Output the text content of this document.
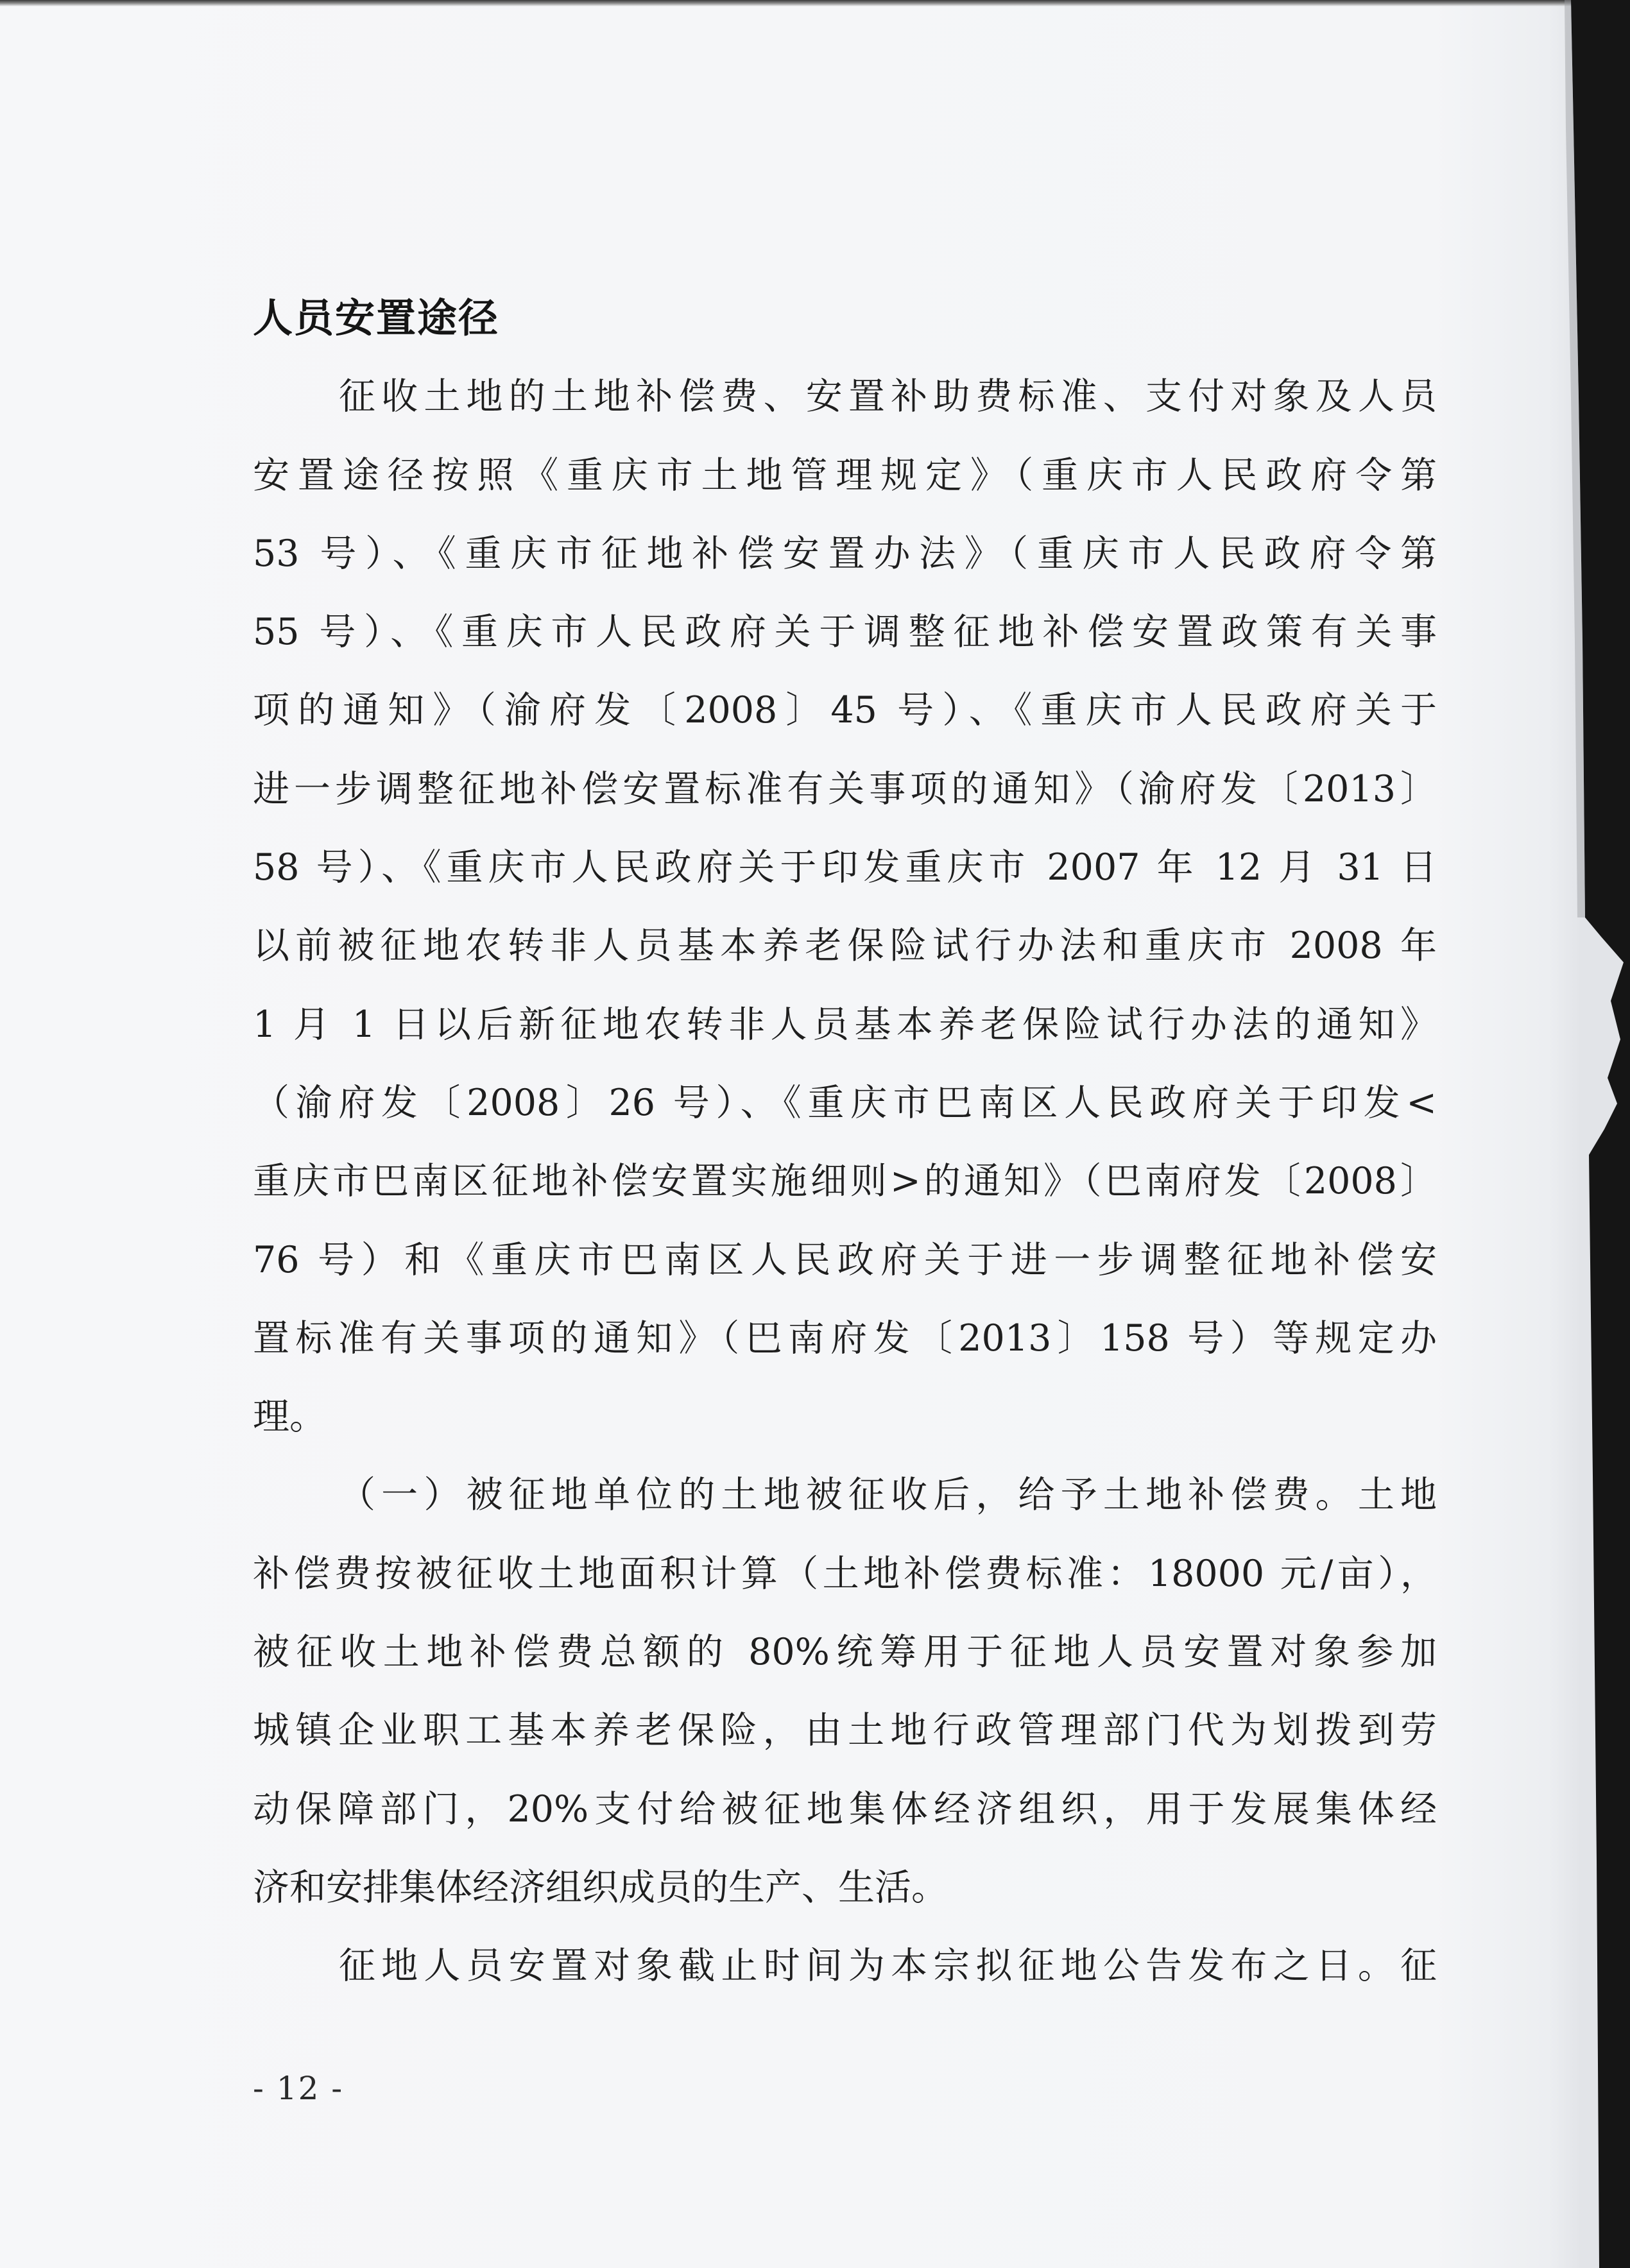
人员安置途径
征收土地的土地补偿费、安置补助费标准、支付对象及人员
安置途径按照《重庆市土地管理规定》（重庆市人民政府令第
53 号）、《重庆市征地补偿安置办法》（重庆市人民政府令第
55 号）、《重庆市人民政府关于调整征地补偿安置政策有关事
项的通知》（渝府发〔2008〕45 号）、《重庆市人民政府关于
进一步调整征地补偿安置标准有关事项的通知》（渝府发〔2013〕
58 号）、《重庆市人民政府关于印发重庆市 2007 年 12 月 31 日
以前被征地农转非人员基本养老保险试行办法和重庆市 2008 年
1 月 1 日以后新征地农转非人员基本养老保险试行办法的通知》
（渝府发〔2008〕26 号）、《重庆市巴南区人民政府关于印发<
重庆市巴南区征地补偿安置实施细则>的通知》（巴南府发〔2008〕
76 号）和《重庆市巴南区人民政府关于进一步调整征地补偿安
置标准有关事项的通知》（巴南府发〔2013〕158 号）等规定办
理。
（一）被征地单位的土地被征收后，给予土地补偿费。土地
补偿费按被征收土地面积计算（土地补偿费标准：18000 元/亩），
被征收土地补偿费总额的 80%统筹用于征地人员安置对象参加
城镇企业职工基本养老保险，由土地行政管理部门代为划拨到劳
动保障部门，20%支付给被征地集体经济组织，用于发展集体经
济和安排集体经济组织成员的生产、生活。
征地人员安置对象截止时间为本宗拟征地公告发布之日。征
- 12 -
